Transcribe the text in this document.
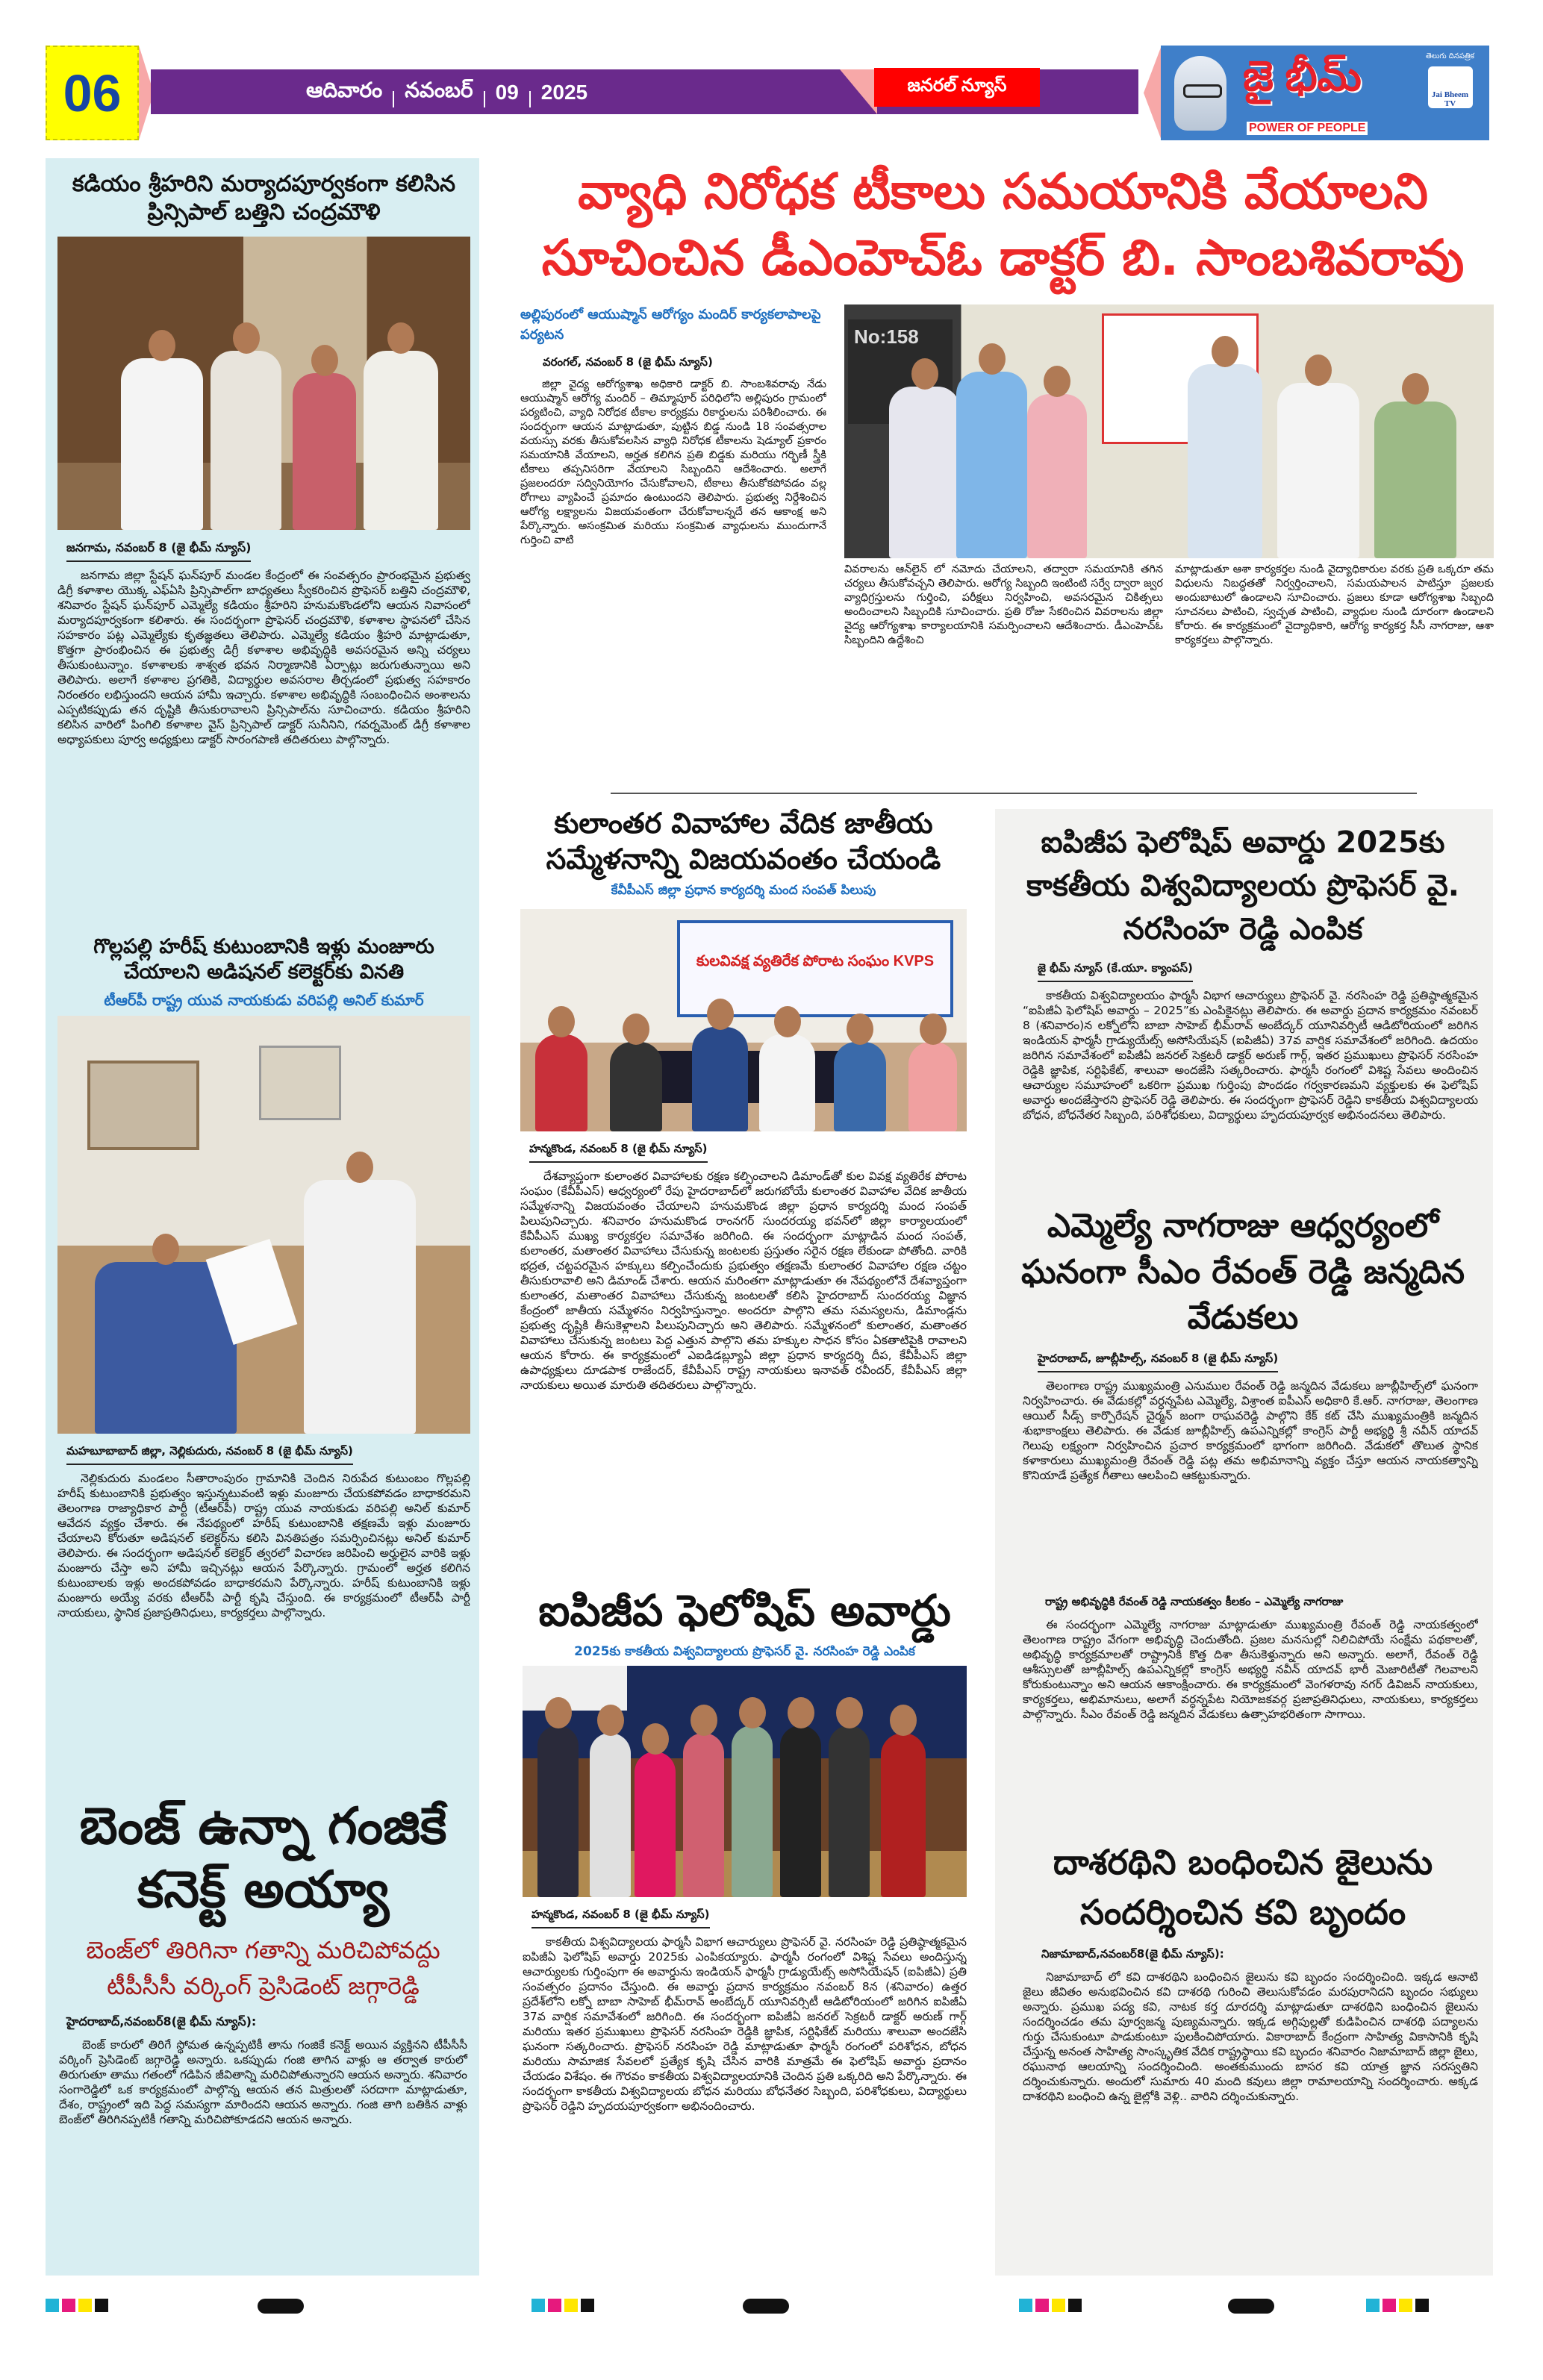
06	ఆదివారం నవంబర్ 09 2025	జనరల్ న్యూస్	జై భీమ్
POWER OF PEOPLE
తెలుగు దినపత్రిక
Jai Bheem TV
కడియం శ్రీహరిని మర్యాదపూర్వకంగా కలిసిన ప్రిన్సిపాల్ బత్తిని చంద్రమౌళి
జనగామ, నవంబర్ 8 (జై భీమ్ న్యూస్)

జనగామ జిల్లా స్టేషన్ ఘన్‌పూర్ మండల కేంద్రంలో ఈ సంవత్సరం ప్రారంభమైన ప్రభుత్వ డిగ్రీ కళాశాల యొక్క ఎఫ్ఏసి ప్రిన్సిపాల్‌గా బాధ్యతలు స్వీకరించిన ప్రొఫెసర్ బత్తిని చంద్రమౌళి, శనివారం స్టేషన్ ఘన్‌పూర్ ఎమ్మెల్యే కడియం శ్రీహరిని హనుమకొండలోని ఆయన నివాసంలో మర్యాదపూర్వకంగా కలిశారు. ఈ సందర్భంగా ప్రొఫెసర్ చంద్రమౌళి, కళాశాల స్థాపనలో చేసిన సహకారం పట్ల ఎమ్మెల్యేకు కృతజ్ఞతలు తెలిపారు. ఎమ్మెల్యే కడియం శ్రీహరి మాట్లాడుతూ, కొత్తగా ప్రారంభించిన ఈ ప్రభుత్వ డిగ్రీ కళాశాల అభివృద్ధికి అవసరమైన అన్ని చర్యలు తీసుకుంటున్నాం. కళాశాలకు శాశ్వత భవన నిర్మాణానికి ఏర్పాట్లు జరుగుతున్నాయి అని తెలిపారు. అలాగే కళాశాల ప్రగతికి, విద్యార్థుల అవసరాల తీర్చడంలో ప్రభుత్వ సహకారం నిరంతరం లభిస్తుందని ఆయన హామీ ఇచ్చారు. కళాశాల అభివృద్ధికి సంబంధించిన అంశాలను ఎప్పటికప్పుడు తన దృష్టికి తీసుకురావాలని ప్రిన్సిపాల్‌ను సూచించారు. కడియం శ్రీహరిని కలిసిన వారిలో పింగిలి కళాశాల వైస్ ప్రిన్సిపాల్ డాక్టర్ సునీనిని, గవర్నమెంట్ డిగ్రీ కళాశాల అధ్యాపకులు పూర్వ అధ్యక్షులు డాక్టర్ సారంగపాణి తదితరులు పాల్గొన్నారు.

గొల్లపల్లి హరీష్ కుటుంబానికి ఇళ్లు మంజూరు చేయాలని అడిషనల్ కలెక్టర్‌కు వినతి
టీఆర్‌పీ రాష్ట్ర యువ నాయకుడు వరిపల్లి అనిల్ కుమార్
మహబూబాబాద్ జిల్లా, నెల్లికుదురు, నవంబర్ 8 (జై భీమ్ న్యూస్)

నెల్లికుదురు మండలం సీతారాంపురం గ్రామానికి చెందిన నిరుపేద కుటుంబం గొల్లపల్లి హరీష్ కుటుంబానికి ప్రభుత్వం ఇస్తున్నటువంటి ఇళ్లు మంజూరు చేయకపోవడం బాధాకరమని తెలంగాణ రాజ్యాధికార పార్టీ (టీఆర్‌పీ) రాష్ట్ర యువ నాయకుడు వరిపల్లి అనిల్ కుమార్ ఆవేదన వ్యక్తం చేశారు. ఈ నేపథ్యంలో హరీష్ కుటుంబానికి తక్షణమే ఇళ్లు మంజూరు చేయాలని కోరుతూ అడిషనల్ కలెక్టర్‌ను కలిసి వినతిపత్రం సమర్పించినట్లు అనిల్ కుమార్ తెలిపారు. ఈ సందర్భంగా అడిషనల్ కలెక్టర్ త్వరలో విచారణ జరిపించి అర్హులైన వారికి ఇళ్లు మంజూరు చేస్తా అని హామీ ఇచ్చినట్లు ఆయన పేర్కొన్నారు. గ్రామంలో అర్హత కలిగిన కుటుంబాలకు ఇళ్లు అందకపోవడం బాధాకరమని పేర్కొన్నారు. హరీష్ కుటుంబానికి ఇళ్లు మంజూరు అయ్యే వరకు టీఆర్‌పీ పార్టీ కృషి చేస్తుంది. ఈ కార్యక్రమంలో టీఆర్‌పీ పార్టీ నాయకులు, స్థానిక ప్రజాప్రతినిధులు, కార్యకర్తలు పాల్గొన్నారు.

బెంజ్ ఉన్నా గంజికే కనెక్ట్ అయ్యా
బెంజ్‌లో తిరిగినా గతాన్ని మరిచిపోవద్దు టీపీసీసీ వర్కింగ్ ప్రెసిడెంట్ జగ్గారెడ్డి
హైదరాబాద్,నవంబర్8(జై భీమ్ న్యూస్):

బెంజ్ కారులో తిరిగే స్థోమత ఉన్నప్పటికీ తాను గంజికే కనెక్ట్ అయిన వ్యక్తినని టీపీసీసీ వర్కింగ్ ప్రెసిడెంట్ జగ్గారెడ్డి అన్నారు. ఒకప్పుడు గంజి తాగిన వాళ్లు ఆ తర్వాత కారులో తిరుగుతూ తాము గతంలో గడిపిన జీవితాన్ని మరిచిపోతున్నారని ఆయన అన్నారు. శనివారం సంగారెడ్డిలో ఒక కార్యక్రమంలో పాల్గొన్న ఆయన తన మిత్రులతో సరదాగా మాట్లాడుతూ, దేశం, రాష్ట్రంలో ఇది పెద్ద సమస్యగా మారిందని ఆయన అన్నారు. గంజి తాగి బతికిన వాళ్లు బెంజ్‌లో తిరిగినప్పటికీ గతాన్ని మరిచిపోకూడదని ఆయన అన్నారు.

వ్యాధి నిరోధక టీకాలు సమయానికి వేయాలని సూచించిన డీఎంహెచ్ఓ డాక్టర్ బి. సాంబశివరావు
అల్లిపురంలో ఆయుష్మాన్ ఆరోగ్యం మందిర్ కార్యకలాపాలపై పర్యటన
వరంగల్, నవంబర్ 8 (జై భీమ్ న్యూస్)

జిల్లా వైద్య ఆరోగ్యశాఖ అధికారి డాక్టర్ బి. సాంబశివరావు నేడు ఆయుష్మాన్ ఆరోగ్య మందిర్ – తిమ్మాపూర్ పరిధిలోని అల్లిపురం గ్రామంలో పర్యటించి, వ్యాధి నిరోధక టీకాల కార్యక్రమ రికార్డులను పరిశీలించారు. ఈ సందర్భంగా ఆయన మాట్లాడుతూ, పుట్టిన బిడ్డ నుండి 18 సంవత్సరాల వయస్సు వరకు తీసుకోవలసిన వ్యాధి నిరోధక టీకాలను షెడ్యూల్ ప్రకారం సమయానికి వేయాలని, అర్హత కలిగిన ప్రతి బిడ్డకు మరియు గర్భిణీ స్త్రీకి టీకాలు తప్పనిసరిగా వేయాలని సిబ్బందిని ఆదేశించారు. అలాగే ప్రజలందరూ సద్వినియోగం చేసుకోవాలని, టీకాలు తీసుకోకపోవడం వల్ల రోగాలు వ్యాపించే ప్రమాదం ఉంటుందని తెలిపారు. ప్రభుత్వ నిర్దేశించిన ఆరోగ్య లక్ష్యాలను విజయవంతంగా చేరుకోవాలన్నదే తన ఆకాంక్ష అని పేర్కొన్నారు. అసంక్రమిత మరియు సంక్రమిత వ్యాధులను ముందుగానే గుర్తించి వాటి

No:158

వివరాలను ఆన్‌లైన్ లో నమోదు చేయాలని, తద్వారా సమయానికి తగిన చర్యలు తీసుకోవచ్చని తెలిపారు. ఆరోగ్య సిబ్బంది ఇంటింటి సర్వే ద్వారా జ్వర వ్యాధిగ్రస్తులను గుర్తించి, పరీక్షలు నిర్వహించి, అవసరమైన చికిత్సలు అందించాలని సిబ్బందికి సూచించారు. ప్రతి రోజు సేకరించిన వివరాలను జిల్లా వైద్య ఆరోగ్యశాఖ కార్యాలయానికి సమర్పించాలని ఆదేశించారు. డీఎంహెచ్ఓ సిబ్బందిని ఉద్దేశించి

మాట్లాడుతూ ఆశా కార్యకర్తల నుండి వైద్యాధికారుల వరకు ప్రతి ఒక్కరూ తమ విధులను నిబద్ధతతో నిర్వర్తించాలని, సమయపాలన పాటిస్తూ ప్రజలకు అందుబాటులో ఉండాలని సూచించారు. ప్రజలు కూడా ఆరోగ్యశాఖ సిబ్బంది సూచనలు పాటించి, స్వచ్ఛత పాటించి, వ్యాధుల నుండి దూరంగా ఉండాలని కోరారు. ఈ కార్యక్రమంలో వైద్యాధికారి, ఆరోగ్య కార్యకర్త సీసీ నాగరాజు, ఆశా కార్యకర్తలు పాల్గొన్నారు.

కులాంతర వివాహాల వేదిక జాతీయ సమ్మేళనాన్ని విజయవంతం చేయండి
కేవీపీఎస్ జిల్లా ప్రధాన కార్యదర్శి మంద సంపత్ పిలుపు
కులవివక్ష వ్యతిరేక పోరాట సంఘం KVPS
హన్మకొండ, నవంబర్ 8 (జై భీమ్ న్యూస్)

దేశవ్యాప్తంగా కులాంతర వివాహాలకు రక్షణ కల్పించాలని డిమాండ్‌తో కుల వివక్ష వ్యతిరేక పోరాట సంఘం (కేవీపీఎస్) ఆధ్వర్యంలో రేపు హైదరాబాద్‌లో జరుగబోయే కులాంతర వివాహాల వేదిక జాతీయ సమ్మేళనాన్ని విజయవంతం చేయాలని హనుమకొండ జిల్లా ప్రధాన కార్యదర్శి మంద సంపత్ పిలుపునిచ్చారు. శనివారం హనుమకొండ రాంనగర్ సుందరయ్య భవన్‌లో జిల్లా కార్యాలయంలో కేవీపీఎస్ ముఖ్య కార్యకర్తల సమావేశం జరిగింది. ఈ సందర్భంగా మాట్లాడిన మంద సంపత్, కులాంతర, మతాంతర వివాహాలు చేసుకున్న జంటలకు ప్రస్తుతం సరైన రక్షణ లేకుండా పోతోంది. వారికి భద్రత, చట్టపరమైన హక్కులు కల్పించేందుకు ప్రభుత్వం తక్షణమే కులాంతర వివాహాల రక్షణ చట్టం తీసుకురావాలి అని డిమాండ్ చేశారు. ఆయన మరింతగా మాట్లాడుతూ ఈ నేపథ్యంలోనే దేశవ్యాప్తంగా కులాంతర, మతాంతర వివాహాలు చేసుకున్న జంటలతో కలిసి హైదరాబాద్ సుందరయ్య విజ్ఞాన కేంద్రంలో జాతీయ సమ్మేళనం నిర్వహిస్తున్నాం. అందరూ పాల్గొని తమ సమస్యలను, డిమాండ్లను ప్రభుత్వ దృష్టికి తీసుకెళ్లాలని పిలుపునిచ్చారు అని తెలిపారు. సమ్మేళనంలో కులాంతర, మతాంతర వివాహాలు చేసుకున్న జంటలు పెద్ద ఎత్తున పాల్గొని తమ హక్కుల సాధన కోసం ఏకతాటిపైకి రావాలని ఆయన కోరారు. ఈ కార్యక్రమంలో ఎఐడిడబ్ల్యూఏ జిల్లా ప్రధాన కార్యదర్శి దీప, కేవీపీఎస్ జిల్లా ఉపాధ్యక్షులు దూడపాక రాజేందర్, కేవీపీఎస్ రాష్ట్ర నాయకులు ఇనావత్ రవీందర్, కేవీపీఎస్ జిల్లా నాయకులు అయిత మారుతి తదితరులు పాల్గొన్నారు.

ఐపిజీప ఫెలోషిప్ అవార్డు
2025కు కాకతీయ విశ్వవిద్యాలయ ప్రొఫెసర్ వై. నరసింహ రెడ్డి ఎంపిక
హన్మకొండ, నవంబర్ 8 (జై భీమ్ న్యూస్)

కాకతీయ విశ్వవిద్యాలయ ఫార్మసీ విభాగ ఆచార్యులు ప్రొఫెసర్ వై. నరసింహ రెడ్డి ప్రతిష్ఠాత్మకమైన ఐపిజీఏ ఫెలోషిప్ అవార్డు 2025కు ఎంపికయ్యారు. ఫార్మసీ రంగంలో విశిష్ట సేవలు అందిస్తున్న ఆచార్యులకు గుర్తింపుగా ఈ అవార్డును ఇండియన్ ఫార్మసీ గ్రాడ్యుయేట్స్ అసోసియేషన్ (ఐపిజీఏ) ప్రతి సంవత్సరం ప్రదానం చేస్తుంది. ఈ అవార్డు ప్రదాన కార్యక్రమం నవంబర్ 8న (శనివారం) ఉత్తర ప్రదేశ్‌లోని లక్నో బాబా సాహెబ్ భీమ్‌రావ్ అంబేద్కర్ యూనివర్సిటీ ఆడిటోరియంలో జరిగిన ఐపిజీఏ 37వ వార్షిక సమావేశంలో జరిగింది. ఈ సందర్భంగా ఐపిజీఏ జనరల్ సెక్రటరీ డాక్టర్ అరుణ్ గార్గ్ మరియు ఇతర ప్రముఖులు ప్రొఫెసర్ నరసింహ రెడ్డికి జ్ఞాపిక, సర్టిఫికేట్ మరియు శాలువా అందజేసి ఘనంగా సత్కరించారు. ప్రొఫెసర్ నరసింహ రెడ్డి మాట్లాడుతూ ఫార్మసీ రంగంలో పరిశోధన, బోధన మరియు సామాజిక సేవలలో ప్రత్యేక కృషి చేసిన వారికి మాత్రమే ఈ ఫెలోషిప్ అవార్డు ప్రదానం చేయడం విశేషం. ఈ గౌరవం కాకతీయ విశ్వవిద్యాలయానికి చెందిన ప్రతి ఒక్కరిది అని పేర్కొన్నారు. ఈ సందర్భంగా కాకతీయ విశ్వవిద్యాలయ బోధన మరియు బోధనేతర సిబ్బంది, పరిశోధకులు, విద్యార్థులు ప్రొఫెసర్ రెడ్డిని హృదయపూర్వకంగా అభినందించారు.

ఐపిజీప ఫెలోషిప్ అవార్డు 2025కు కాకతీయ విశ్వవిద్యాలయ ప్రొఫెసర్ వై. నరసింహ రెడ్డి ఎంపిక
జై భీమ్ న్యూస్ (కే.యూ. క్యాంపస్)

కాకతీయ విశ్వవిద్యాలయం ఫార్మసీ విభాగ ఆచార్యులు ప్రొఫెసర్ వై. నరసింహ రెడ్డి ప్రతిష్ఠాత్మకమైన “ఐపిజీఏ ఫెలోషిప్ అవార్డు – 2025”కు ఎంపికైనట్లు తెలిపారు. ఈ అవార్డు ప్రదాన కార్యక్రమం నవంబర్ 8 (శనివారం)న లక్నోలోని బాబా సాహెబ్ భీమ్‌రావ్ అంబేద్కర్ యూనివర్సిటీ ఆడిటోరియంలో జరిగిన ఇండియన్ ఫార్మసీ గ్రాడ్యుయేట్స్ అసోసియేషన్ (ఐపిజీఏ) 37వ వార్షిక సమావేశంలో జరిగింది. ఉదయం జరిగిన సమావేశంలో ఐపిజీఏ జనరల్ సెక్రటరీ డాక్టర్ అరుణ్ గార్గ్, ఇతర ప్రముఖులు ప్రొఫెసర్ నరసింహ రెడ్డికి జ్ఞాపిక, సర్టిఫికేట్, శాలువా అందజేసి సత్కరించారు. ఫార్మసీ రంగంలో విశిష్ట సేవలు అందించిన ఆచార్యుల సమూహంలో ఒకరిగా ప్రముఖ గుర్తింపు పొందడం గర్వకారణమని వ్యక్తులకు ఈ ఫెలోషిప్ అవార్డు అందజేస్తారని ప్రొఫెసర్ రెడ్డి తెలిపారు. ఈ సందర్భంగా ప్రొఫెసర్ రెడ్డిని కాకతీయ విశ్వవిద్యాలయ బోధన, బోధనేతర సిబ్బంది, పరిశోధకులు, విద్యార్థులు హృదయపూర్వక అభినందనలు తెలిపారు.

ఎమ్మెల్యే నాగరాజు ఆధ్వర్యంలో ఘనంగా సీఎం రేవంత్ రెడ్డి జన్మదిన వేడుకలు
హైదరాబాద్, జూబ్లీహిల్స్, నవంబర్ 8 (జై భీమ్ న్యూస్)

తెలంగాణ రాష్ట్ర ముఖ్యమంత్రి ఎనుముల రేవంత్ రెడ్డి జన్మదిన వేడుకలు జూబ్లీహిల్స్‌లో ఘనంగా నిర్వహించారు. ఈ వేడుకల్లో వర్ధన్నపేట ఎమ్మెల్యే, విశ్రాంత ఐపీఎస్ అధికారి కే.ఆర్. నాగరాజు, తెలంగాణ ఆయిల్ సీడ్స్ కార్పొరేషన్ చైర్మన్ జంగా రాఘవరెడ్డి పాల్గొని కేక్ కట్ చేసి ముఖ్యమంత్రికి జన్మదిన శుభాకాంక్షలు తెలిపారు. ఈ వేడుక జూబ్లీహిల్స్ ఉపఎన్నికల్లో కాంగ్రెస్ పార్టీ అభ్యర్థి శ్రీ నవీన్ యాదవ్ గెలుపు లక్ష్యంగా నిర్వహించిన ప్రచార కార్యక్రమంలో భాగంగా జరిగింది. వేడుకలో తొలుత స్థానిక కళాకారులు ముఖ్యమంత్రి రేవంత్ రెడ్డి పట్ల తమ అభిమానాన్ని వ్యక్తం చేస్తూ ఆయన నాయకత్వాన్ని కొనియాడే ప్రత్యేక గీతాలు ఆలపించి ఆకట్టుకున్నారు.

రాష్ట్ర అభివృద్ధికి రేవంత్ రెడ్డి నాయకత్వం కీలకం – ఎమ్మెల్యే నాగరాజు

ఈ సందర్భంగా ఎమ్మెల్యే నాగరాజు మాట్లాడుతూ ముఖ్యమంత్రి రేవంత్ రెడ్డి నాయకత్వంలో తెలంగాణ రాష్ట్రం వేగంగా అభివృద్ధి చెందుతోంది. ప్రజల మనసుల్లో నిలిచిపోయే సంక్షేమ పథకాలతో, అభివృద్ధి కార్యక్రమాలతో రాష్ట్రానికి కొత్త దిశా తీసుకెళ్తున్నారు అని అన్నారు. అలాగే, రేవంత్ రెడ్డి ఆశీస్సులతో జూబ్లీహిల్స్ ఉపఎన్నికల్లో కాంగ్రెస్ అభ్యర్థి నవీన్ యాదవ్ భారీ మెజారిటీతో గెలవాలని కోరుకుంటున్నాం అని ఆయన ఆకాంక్షించారు. ఈ కార్యక్రమంలో వెంగళరావు నగర్ డివిజన్ నాయకులు, కార్యకర్తలు, అభిమానులు, అలాగే వర్ధన్నపేట నియోజకవర్గ ప్రజాప్రతినిధులు, నాయకులు, కార్యకర్తలు పాల్గొన్నారు. సీఎం రేవంత్ రెడ్డి జన్మదిన వేడుకలు ఉత్సాహభరితంగా సాగాయి.

దాశరథిని బంధించిన జైలును సందర్శించిన కవి బృందం
నిజామాబాద్,నవంబర్8(జై భీమ్ న్యూస్):

నిజామాబాద్ లో కవి దాశరథిని బంధించిన జైలును కవి బృందం సందర్శించింది. ఇక్కడ ఆనాటి జైలు జీవితం అనుభవించిన కవి దాశరథి గురించి తెలుసుకోవడం మరపురానిదని బృందం సభ్యులు అన్నారు. ప్రముఖ పద్య కవి, నాటక కర్త దూరదర్శి మాట్లాడుతూ దాశరథిని బంధించిన జైలును సందర్శించడం తమ పూర్వజన్మ పుణ్యమన్నారు. ఇక్కడ అగ్గిపుల్లతో కుడిపించిన దాశరథి పద్యాలను గుర్తు చేసుకుంటూ పాడుకుంటూ పులకించిపోయారు. వికారాబాద్ కేంద్రంగా సాహిత్య వికాసానికి కృషి చేస్తున్న అనంత సాహిత్య సాంస్కృతిక వేదిక రాష్ట్రస్థాయి కవి బృందం శనివారం నిజామాబాద్ జిల్లా జైలు, రఘునాథ ఆలయాన్ని సందర్శించింది. అంతకుముందు బాసర కవి యాత్ర జ్ఞాన సరస్వతిని దర్శించుకున్నారు. అందులో సుమారు 40 మంది కవులు జిల్లా రామాలయాన్ని సందర్శించారు. అక్కడ దాశరథిని బంధించి ఉన్న జైల్లోకి వెళ్లి.. వారిని దర్శించుకున్నారు.
